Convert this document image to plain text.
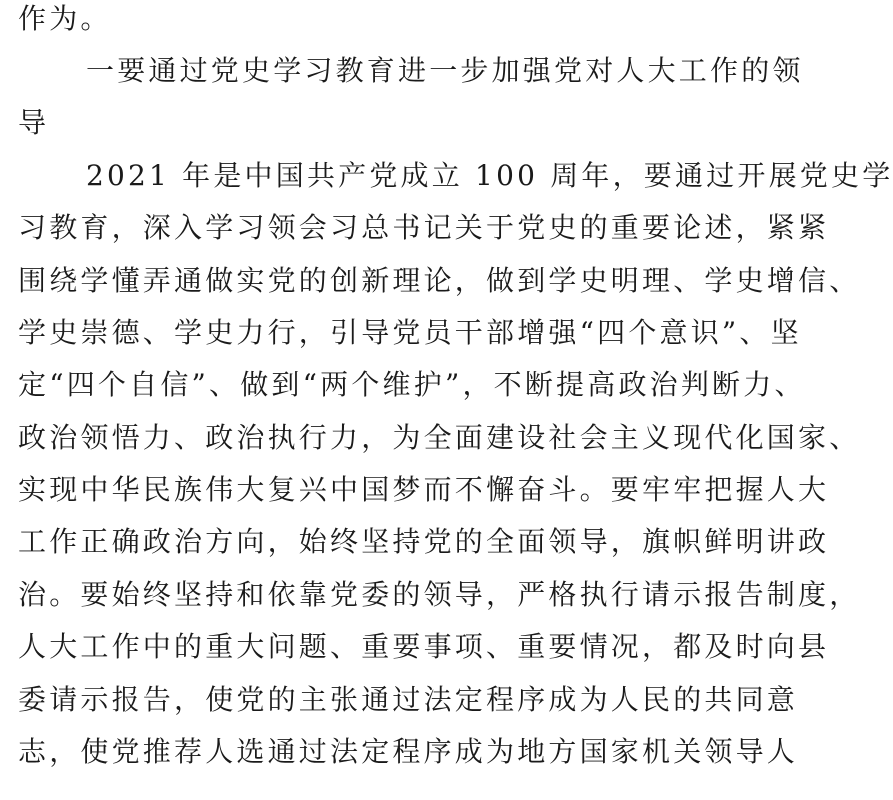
作为。
一要通过党史学习教育进一步加强党对人大工作的领
导
2021 年是中国共产党成立 100 周年，要通过开展党史学
习教育，深入学习领会习总书记关于党史的重要论述，紧紧
围绕学懂弄通做实党的创新理论，做到学史明理、学史增信、
学史崇德、学史力行，引导党员干部增强“四个意识”、坚
定“四个自信”、做到“两个维护”，不断提高政治判断力、
政治领悟力、政治执行力，为全面建设社会主义现代化国家、
实现中华民族伟大复兴中国梦而不懈奋斗。要牢牢把握人大
工作正确政治方向，始终坚持党的全面领导，旗帜鲜明讲政
治。要始终坚持和依靠党委的领导，严格执行请示报告制度，
人大工作中的重大问题、重要事项、重要情况，都及时向县
委请示报告，使党的主张通过法定程序成为人民的共同意
志，使党推荐人选通过法定程序成为地方国家机关领导人
